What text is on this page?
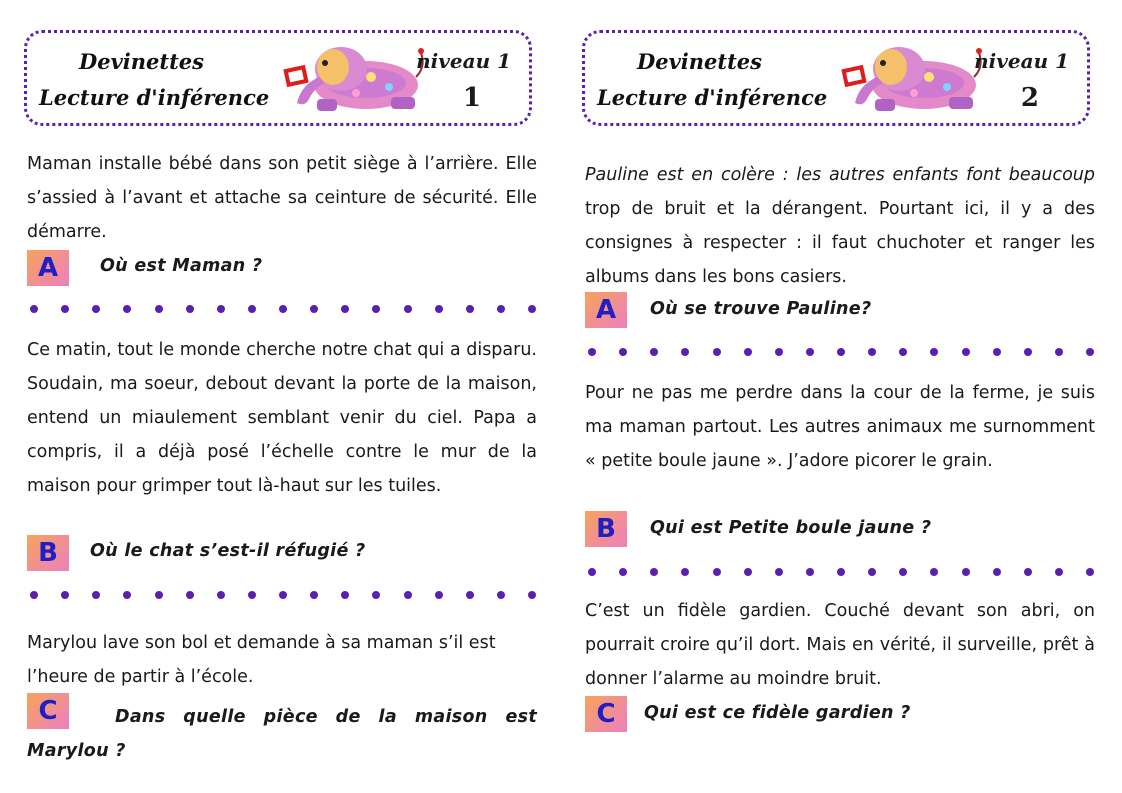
Devinettes
Lecture d'inférence
niveau 1
1

Maman installe bébé dans son petit siège à l’arrière. Elle s’assied à l’avant et attache sa ceinture de sécurité. Elle démarre.

A	Où est Maman ?

Ce matin, tout le monde cherche notre chat qui a disparu. Soudain, ma soeur, debout devant la porte de la maison, entend un miaulement semblant venir du ciel. Papa a compris, il a déjà posé l’échelle contre le mur de la maison pour grimper tout là-haut sur les tuiles.

B	Où le chat s’est-il réfugié ?

Marylou lave son bol et demande à sa maman s’il est l’heure de partir à l’école.

C	Dans quelle pièce de la maison est Marylou ?
Devinettes
Lecture d'inférence
niveau 1
2

Pauline est en colère : les autres enfants font beaucoup trop de bruit et la dérangent. Pourtant ici, il y a des consignes à respecter : il faut chuchoter et ranger les albums dans les bons casiers.

A	Où se trouve Pauline?

Pour ne pas me perdre dans la cour de la ferme, je suis ma maman partout. Les autres animaux me surnomment « petite boule jaune ». J’adore picorer le grain.

B	Qui est Petite boule jaune ?

C’est un fidèle gardien. Couché devant son abri, on pourrait croire qu’il dort. Mais en vérité, il surveille, prêt à donner l’alarme au moindre bruit.

C	Qui est ce fidèle gardien ?
